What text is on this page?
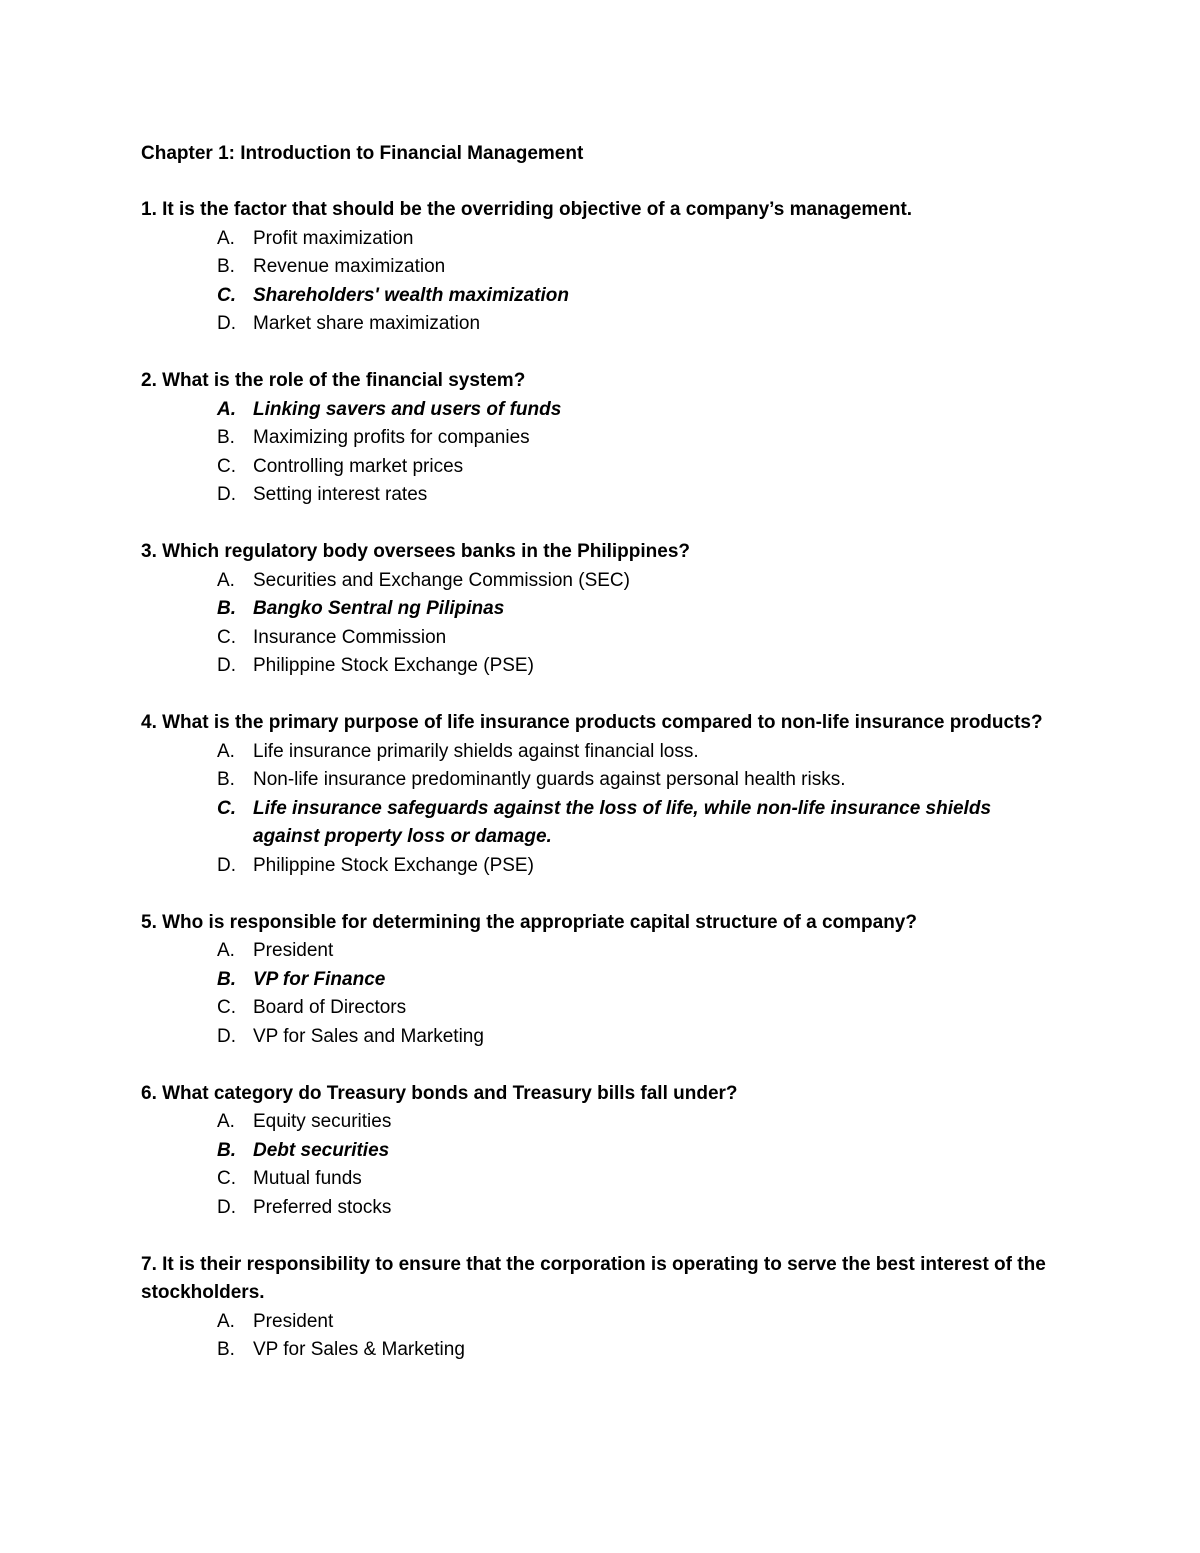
Chapter 1: Introduction to Financial Management

1. It is the factor that should be the overriding objective of a company’s management.

A. Profit maximization
B. Revenue maximization
C. Shareholders' wealth maximization
D. Market share maximization

2. What is the role of the financial system?

A. Linking savers and users of funds
B. Maximizing profits for companies
C. Controlling market prices
D. Setting interest rates

3. Which regulatory body oversees banks in the Philippines?

A. Securities and Exchange Commission (SEC)
B. Bangko Sentral ng Pilipinas
C. Insurance Commission
D. Philippine Stock Exchange (PSE)

4. What is the primary purpose of life insurance products compared to non-life insurance products?

A. Life insurance primarily shields against financial loss.
B. Non-life insurance predominantly guards against personal health risks.
C. Life insurance safeguards against the loss of life, while non-life insurance shields against property loss or damage.
D. Philippine Stock Exchange (PSE)

5. Who is responsible for determining the appropriate capital structure of a company?

A. President
B. VP for Finance
C. Board of Directors
D. VP for Sales and Marketing

6. What category do Treasury bonds and Treasury bills fall under?

A. Equity securities
B. Debt securities
C. Mutual funds
D. Preferred stocks

7. It is their responsibility to ensure that the corporation is operating to serve the best interest of the stockholders.

A. President
B. VP for Sales & Marketing
